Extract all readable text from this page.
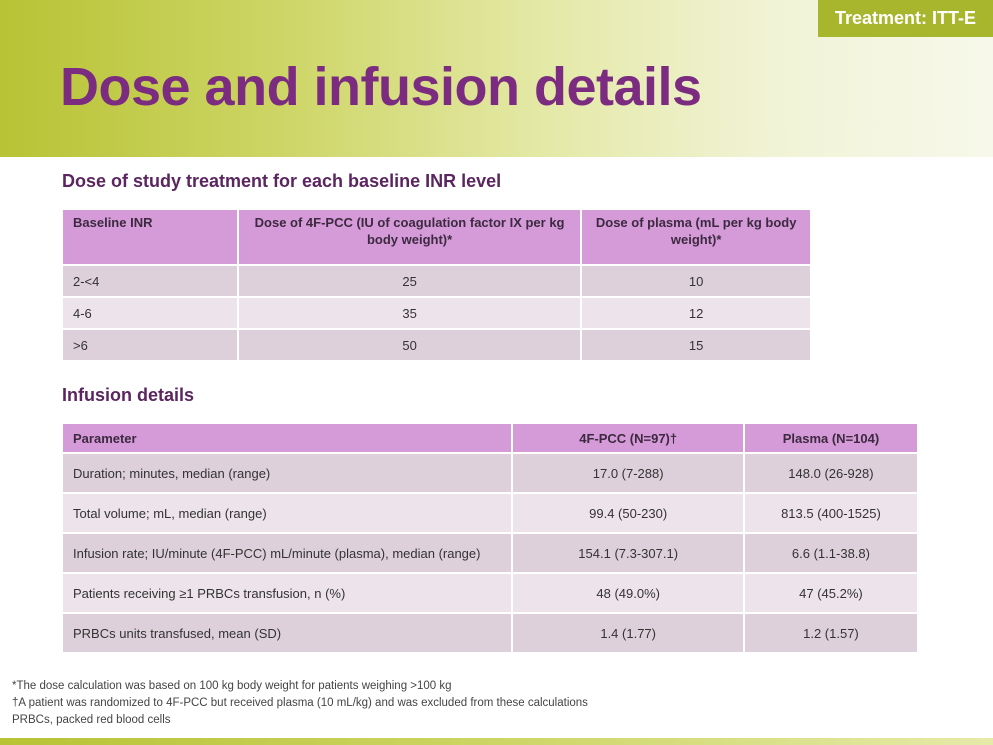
Treatment: ITT-E
Dose and infusion details
Dose of study treatment for each baseline INR level
Baseline INR	Dose of 4F-PCC (IU of coagulation factor IX per kg body weight)*	Dose of plasma (mL per kg body weight)*
2-<4	25	10
4-6	35	12
>6	50	15
Infusion details
Parameter	4F-PCC (N=97)†	Plasma (N=104)
Duration; minutes, median (range)	17.0 (7-288)	148.0 (26-928)
Total volume; mL, median (range)	99.4 (50-230)	813.5 (400-1525)
Infusion rate; IU/minute (4F-PCC) mL/minute (plasma), median (range)	154.1 (7.3-307.1)	6.6 (1.1-38.8)
Patients receiving ≥1 PRBCs transfusion, n (%)	48 (49.0%)	47 (45.2%)
PRBCs units transfused, mean (SD)	1.4 (1.77)	1.2 (1.57)
*The dose calculation was based on 100 kg body weight for patients weighing >100 kg
†A patient was randomized to 4F-PCC but received plasma (10 mL/kg) and was excluded from these calculations
PRBCs, packed red blood cells
